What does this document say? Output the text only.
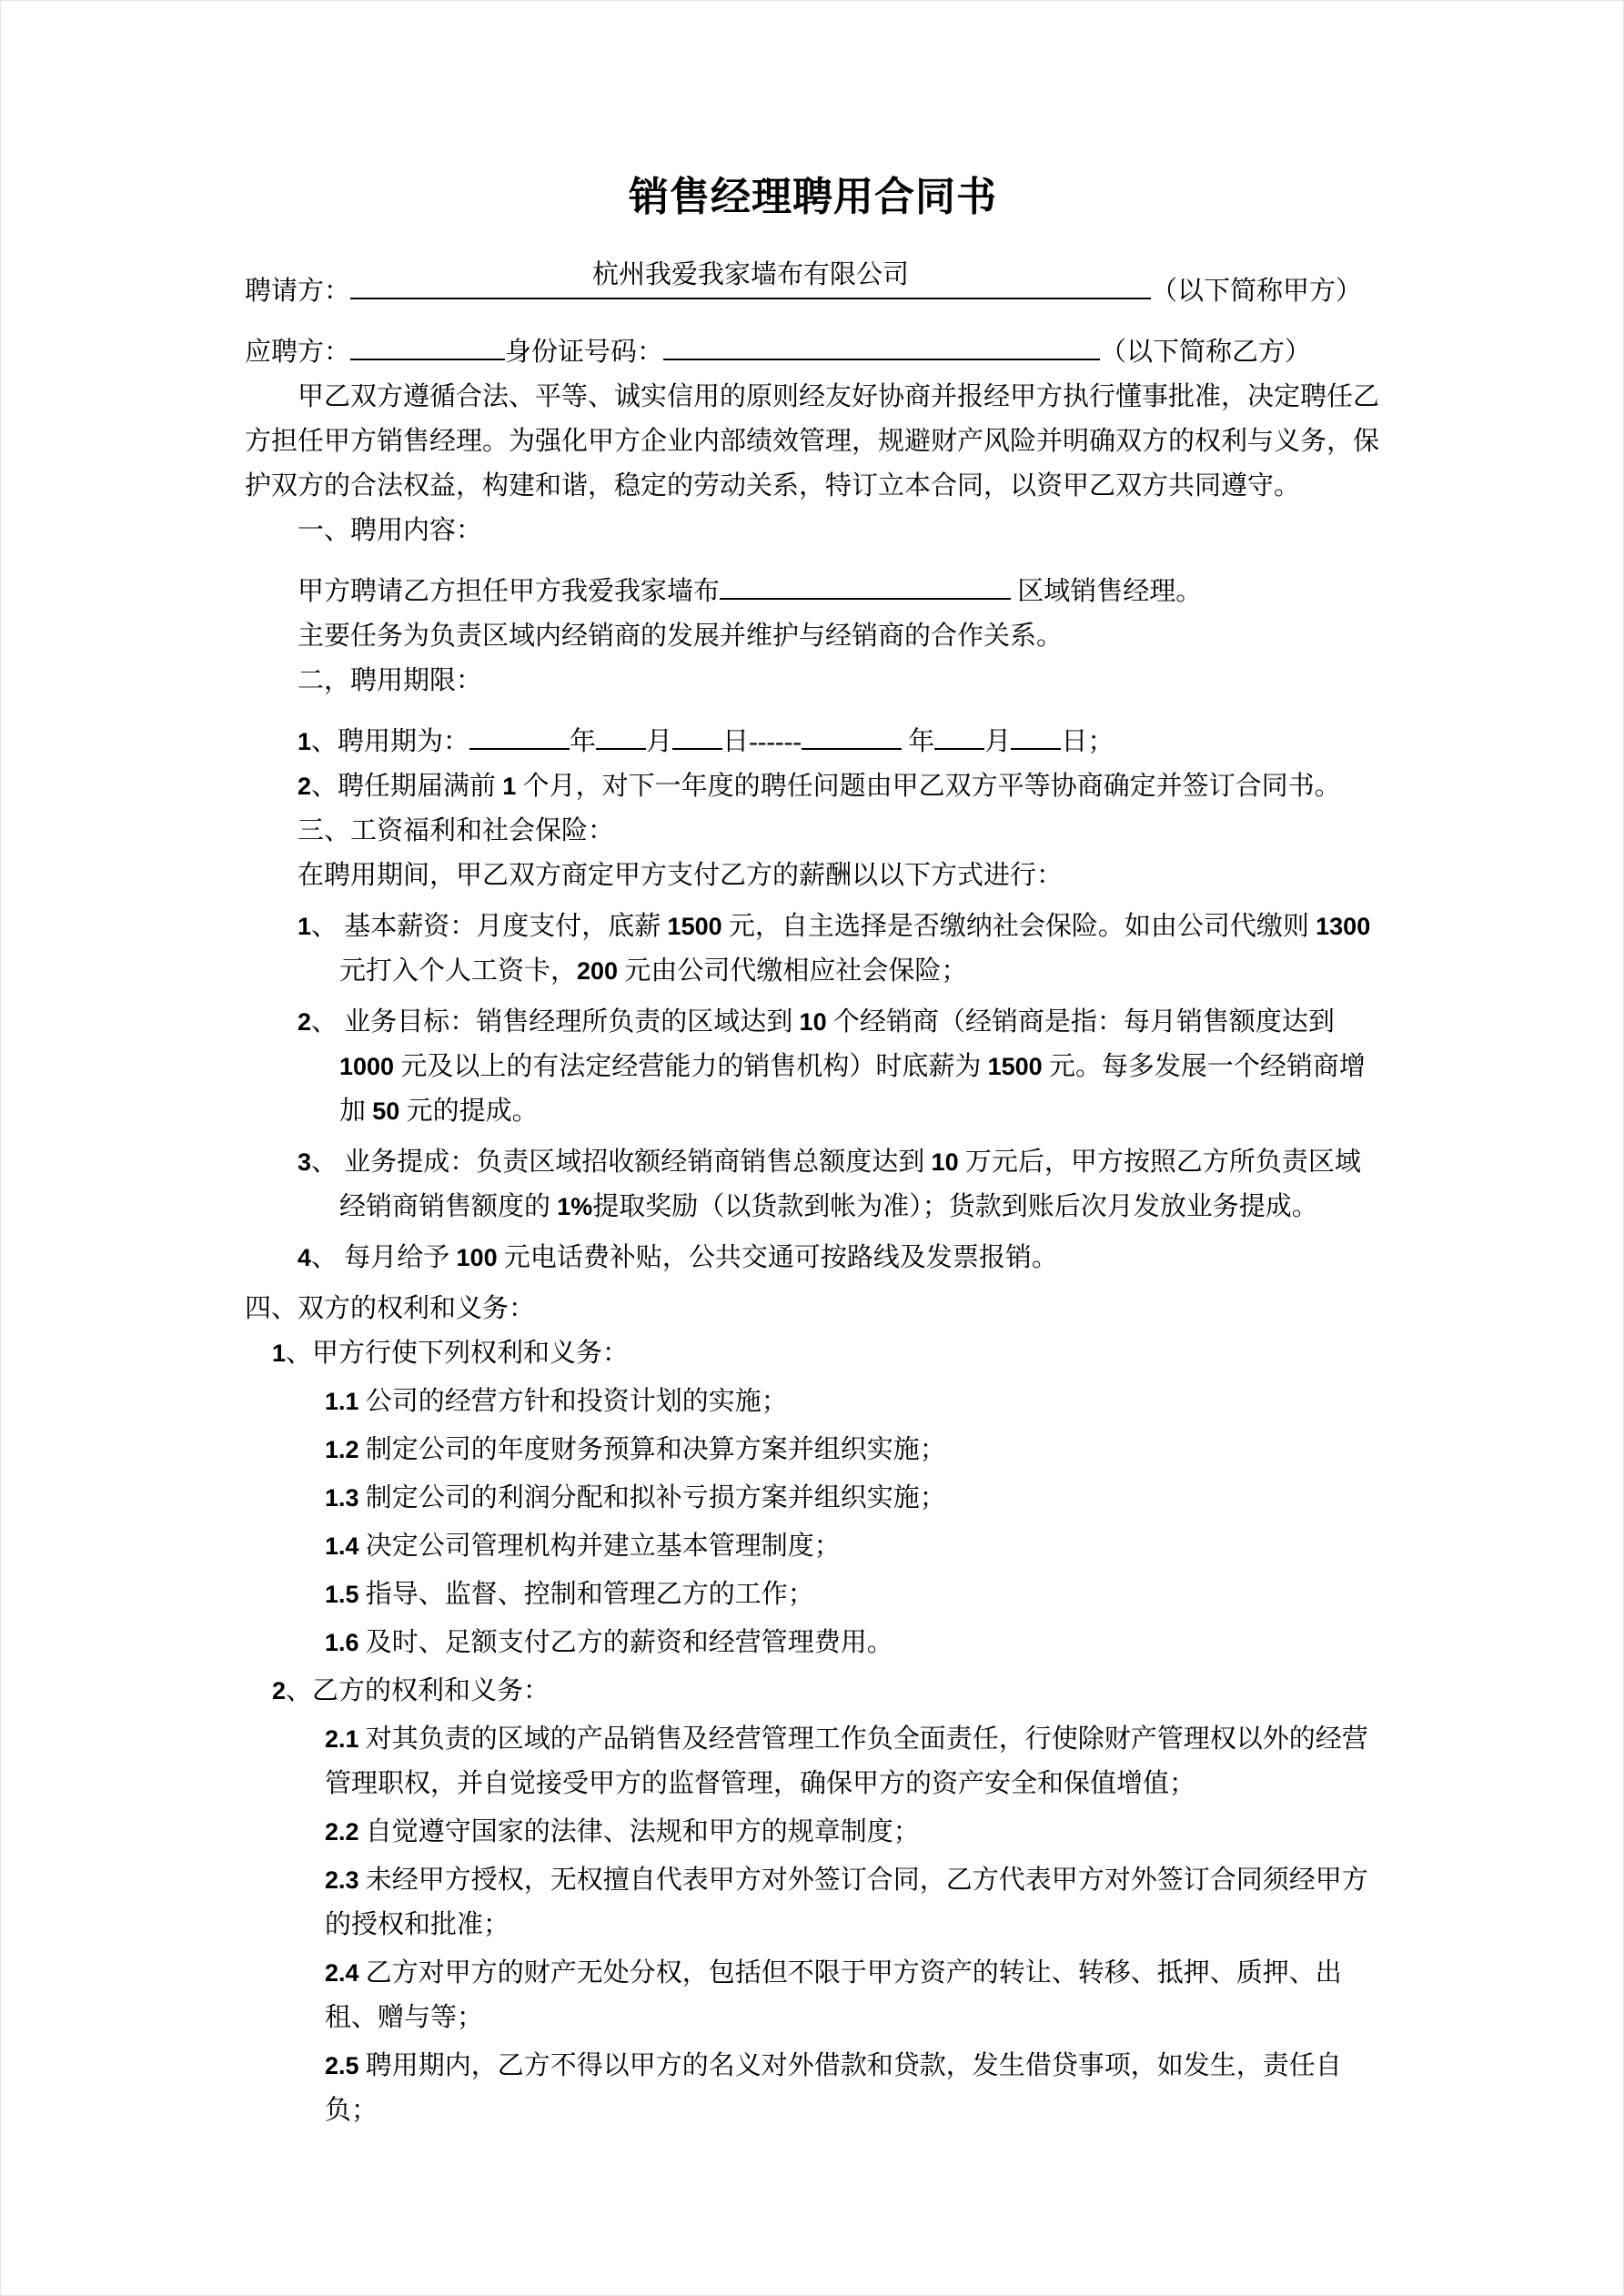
销售经理聘用合同书

聘请方：杭州我爱我家墙布有限公司（以下简称甲方）

应聘方：	身份证号码：	（以下简称乙方）

甲乙双方遵循合法、平等、诚实信用的原则经友好协商并报经甲方执行懂事批准，决定聘任乙方担任甲方销售经理。为强化甲方企业内部绩效管理，规避财产风险并明确双方的权利与义务，保护双方的合法权益，构建和谐，稳定的劳动关系，特订立本合同，以资甲乙双方共同遵守。

一、聘用内容：

甲方聘请乙方担任甲方我爱我家墙布	区域销售经理。

主要任务为负责区域内经销商的发展并维护与经销商的合作关系。

二，聘用期限：

1、聘用期为：	年 月 日------	年 月 日；

2、聘任期届满前 1 个月，对下一年度的聘任问题由甲乙双方平等协商确定并签订合同书。

三、工资福利和社会保险：

在聘用期间，甲乙双方商定甲方支付乙方的薪酬以以下方式进行：

1、 基本薪资：月度支付，底薪 1500 元，自主选择是否缴纳社会保险。如由公司代缴则 1300 元打入个人工资卡，200 元由公司代缴相应社会保险；

2、 业务目标：销售经理所负责的区域达到 10 个经销商（经销商是指：每月销售额度达到 1000 元及以上的有法定经营能力的销售机构）时底薪为 1500 元。每多发展一个经销商增加 50 元的提成。

3、 业务提成：负责区域招收额经销商销售总额度达到 10 万元后，甲方按照乙方所负责区域经销商销售额度的 1%提取奖励（以货款到帐为准）；货款到账后次月发放业务提成。

4、 每月给予 100 元电话费补贴，公共交通可按路线及发票报销。

四、双方的权利和义务：

1、甲方行使下列权利和义务：

1.1 公司的经营方针和投资计划的实施；

1.2 制定公司的年度财务预算和决算方案并组织实施；

1.3 制定公司的利润分配和拟补亏损方案并组织实施；

1.4 决定公司管理机构并建立基本管理制度；

1.5 指导、监督、控制和管理乙方的工作；

1.6 及时、足额支付乙方的薪资和经营管理费用。

2、乙方的权利和义务：

2.1 对其负责的区域的产品销售及经营管理工作负全面责任，行使除财产管理权以外的经营管理职权，并自觉接受甲方的监督管理，确保甲方的资产安全和保值增值；

2.2 自觉遵守国家的法律、法规和甲方的规章制度；

2.3 未经甲方授权，无权擅自代表甲方对外签订合同，乙方代表甲方对外签订合同须经甲方的授权和批准；

2.4 乙方对甲方的财产无处分权，包括但不限于甲方资产的转让、转移、抵押、质押、出租、赠与等；

2.5 聘用期内，乙方不得以甲方的名义对外借款和贷款，发生借贷事项，如发生，责任自负；
